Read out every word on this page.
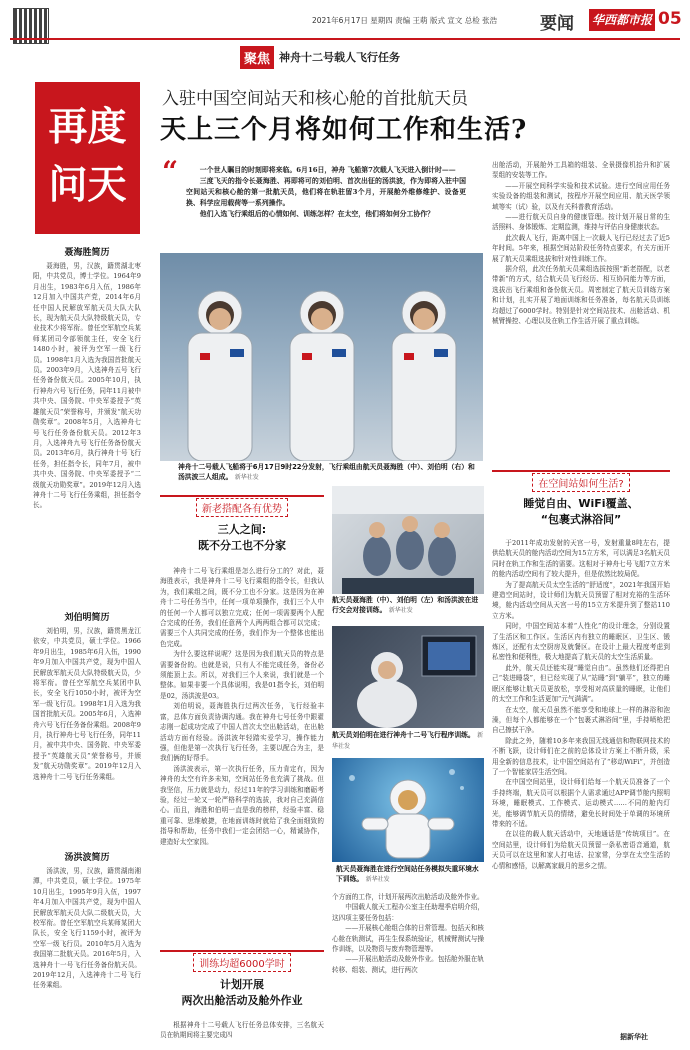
2021年6月17日 星期四 责编 王萌 版式 宣文 总检 张浩	要闻 华西都市报 05
聚焦 神舟十二号载人飞行任务
再度
问天
入驻中国空间站天和核心舱的首批航天员
天上三个月将如何工作和生活?
“	一个世人瞩目的时刻即将来临。6月16日，神舟 飞船第7次载人飞天进入倒计时——

三度飞天的指令长聂海胜、再即将可的刘伯明、首次出征的汤洪波，作为即将入驻中国空间站天和核心舱的第一批航天员，他们将在轨驻留3个月，开展舱外维修维护、设备更换、科学应用载荷等一系列操作。

他们入选飞行乘组后的心情如何、训练怎样？在太空，他们将如何分工协作？

聂海胜简历
聂海胜，男，汉族，籍贯湖北枣阳，中共党员，博士学位。1964年9月出生，1983年6月入伍，1986年12月加入中国共产党，2014年6月任中国人民解放军航天员大队大队长，现为航天员大队特级航天员，专业技术少将军衔。曾任空军航空兵某师某团司令部领航主任，安全飞行1480小时，被评为空军一级飞行员。1998年1月入选为我国首批航天员。2003年9月，入选神舟五号飞行任务备份航天员。2005年10月，执行神舟六号飞行任务，同年11月被中共中央、国务院、中央军委授予“英雄航天员”荣誉称号，并颁发“航天功勋奖章”。2008年5月，入选神舟七号飞行任务备份航天员。2012年3月，入选神舟九号飞行任务备份航天员。2013年6月，执行神舟十号飞行任务，担任指令长，同年7月，被中共中央、国务院、中央军委授予“二级航天功勋奖章”。2019年12月入选神舟十二号飞行任务乘组，担任指令长。
刘伯明简历
刘伯明，男，汉族，籍贯黑龙江依安，中共党员，硕士学位。1966年9月出生，1985年6月入伍，1990年9月加入中国共产党，现为中国人民解放军航天员大队特级航天员，少将军衔。曾任空军航空兵某团中队长，安全飞行1050小时，被评为空军一级飞行员。1998年1月入选为我国首批航天员。2005年6月，入选神舟六号飞行任务备份乘组。2008年9月，执行神舟七号飞行任务，同年11月，被中共中央、国务院、中央军委授予“英雄航天员”荣誉称号，并颁发“航天功勋奖章”。2019年12月入选神舟十二号飞行任务乘组。
汤洪波简历
汤洪波，男，汉族，籍贯湖南湘潭，中共党员，硕士学位。1975年10月出生，1995年9月入伍，1997年4月加入中国共产党，现为中国人民解放军航天员大队二级航天员，大校军衔。曾任空军航空兵某师某团大队长，安全飞行1159小时，被评为空军一级飞行员。2010年5月入选为我国第二批航天员。2016年5月，入选神舟十一号飞行任务备份航天员。2019年12月，入选神舟十二号飞行任务乘组。
神舟十二号载人飞船将于6月17日9时22分发射，飞行乘组由航天员聂海胜（中）、刘伯明（右）和汤洪波三人组成。 新华社发
新老搭配各有优势
三人之间:
既不分工也不分家

神舟十二号飞行乘组是怎么进行分工的？对此，聂海胜表示，我是神舟十二号飞行乘组的指令长，但我认为，我们乘组之间，既不分工也不分家。这是因为在神舟十二号任务当中，任何一项单项操作，我们三个人中的任何一个人都可以独立完成；任何一项需要两个人配合完成的任务，我们任意两个人两两组合都可以完成；需要三个人共同完成的任务，我们作为一个整体也能出色完成。

为什么要这样说呢？这是因为我们航天员的特点是需要备份的。也就是说，只有人不能完成任务，备份必须能顶上去。所以，对我们三个人来说，我们就是一个整体。如果非要一个具体说明，我是01指令长，刘伯明是02，汤洪波是03。

刘伯明说，聂海胜执行过两次任务，飞行经验丰富，总体方面负责协调沟通。我在神舟七号任务中跟翟志刚一起成功完成了中国人首次太空出舱活动，在出舱活动方面有经验。汤洪波年轻踏实爱学习，操作能力强，但他是第一次执行飞行任务，主要以配合为主，是我们俩的好帮手。

汤洪波表示，第一次执行任务，压力肯定有，因为神舟的太空有许多未知，空间站任务也充满了挑战。但我坚信，压力就是动力，经过11年的学习训练和磨砺考验，经过一轮又一轮严格科学的选拔，我对自己充满信心。而且，海胜和伯明一直是我的榜样，经验丰富、稳重可靠、思维敏捷，在地面训练时就给了我全面细致的指导和帮助，任务中我们一定会团结一心，精诚协作，建造好太空家园。

训练均超6000学时
计划开展
两次出舱活动及舱外作业

根据神舟十二号载人飞行任务总体安排，三名航天员在轨期间将主要完成四

航天员聂海胜（中）、刘伯明（左）和汤洪波在进行交会对接训练。 新华社发
航天员刘伯明在进行神舟十二号飞行程序训练。 新华社发
航天员聂海胜在进行空间站任务模拟失重环境水下训练。 新华社发

个方面的工作，计划开展两次出舱活动及舱外作业。

中国载人航天工程办公室主任助理季启明介绍，这四项主要任务包括：

——开展核心舱组合体的日常管理。包括天和核心舱在轨测试，再生生保系统验证，机械臂测试与操作训练，以及物资与废弃物管理等。

——开展出舱活动及舱外作业。包括舱外服在轨转移、组装、测试，进行两次

出舱活动，开展舱外工具箱的组装、全景摄像机抬升和扩展泵组的安装等工作。

——开展空间科学实验和技术试验。进行空间应用任务实验设备的组装和测试，按程序开展空间应用、航天医学领域等实（试）验，以及有关科普教育活动。

——进行航天员自身的健康管理。按计划开展日常的生活照料、身体锻炼、定期监测，维持与评估自身健康状态。

此次载人飞行，距离中国上一次载人飞行已经过去了近5年时间。5年来，根据空间站阶段任务特点要求，有关方面开展了航天员乘组选拔和针对性训练工作。

据介绍，此次任务航天员乘组选拔按照“新老搭配，以老带新”的方式，结合航天员飞行经历、相互协同能力等方面，选拔出飞行乘组和备份航天员。周密制定了航天员训练方案和计划，扎实开展了地面训练和任务准备，每名航天员训练均超过了6000学时。特别是针对空间站技术、出舱活动、机械臂操控、心理以及在轨工作生活开展了重点训练。

在空间站如何生活?
睡觉自由、WiFi覆盖、
“包裹式淋浴间”

于2011年成功发射的天宫一号，发射重量8吨左右，提供给航天员的舱内活动空间为15立方米，可以满足3名航天员同时在轨工作和生活的需要。这相对于神舟七号飞船7立方米的舱内活动空间有了较大提升，但是依然比较局促。

为了提高航天员太空生活的“舒适度”，2021年我国开始建造空间站时，设计师们为航天员预留了相对充裕的生活环境，舱内活动空间从天宫一号的15立方米提升到了整站110立方米。

同时，中国空间站本着“人性化”的设计理念，分别设置了生活区和工作区。生活区内有独立的睡眠区、卫生区、锻炼区，还配有太空厨房及就餐区。在设计上最大程度考虑到私密性和便利性，极大地提高了航天员的太空生活质量。

此外，航天员还能实现“睡觉自由”。虽然他们还得把自己“装进睡袋”，但已经实现了从“站睡”到“躺平”，独立的睡眠区能够让航天员更放松，享受相对高质量的睡眠，让他们的太空工作和生活更加“元气满满”。

在太空，航天员虽然不能享受和地球上一样的淋浴和泡澡，但每个人都能够在一个“包裹式淋浴间”里，手持喷枪把自己擦拭干净。

除此之外，随着10多年来我国无线通信和物联网技术的不断飞跃，设计师们在之前的总体设计方案上不断升级，采用全新的信息技术，让中国空间站有了“移动WiFi”，并创造了一个智能家居生活空间。

在中国空间站里，设计师们给每一个航天员准备了一个手持终端，航天员可以根据个人需求通过APP调节舱内照明环境，睡眠模式、工作模式、运动模式……不同的舱内灯光，能够调节航天员的情绪，避免长时间处于单调的环境所带来的不适。

在以往的载人航天活动中，天地通话是“传统项目”。在空间站里，设计师们为给航天员预留一条私密语音通道，航天员可以在这里和家人打电话、拉家常，分享在太空生活的心情和感悟，以解离家载月的思乡之情。

据新华社
